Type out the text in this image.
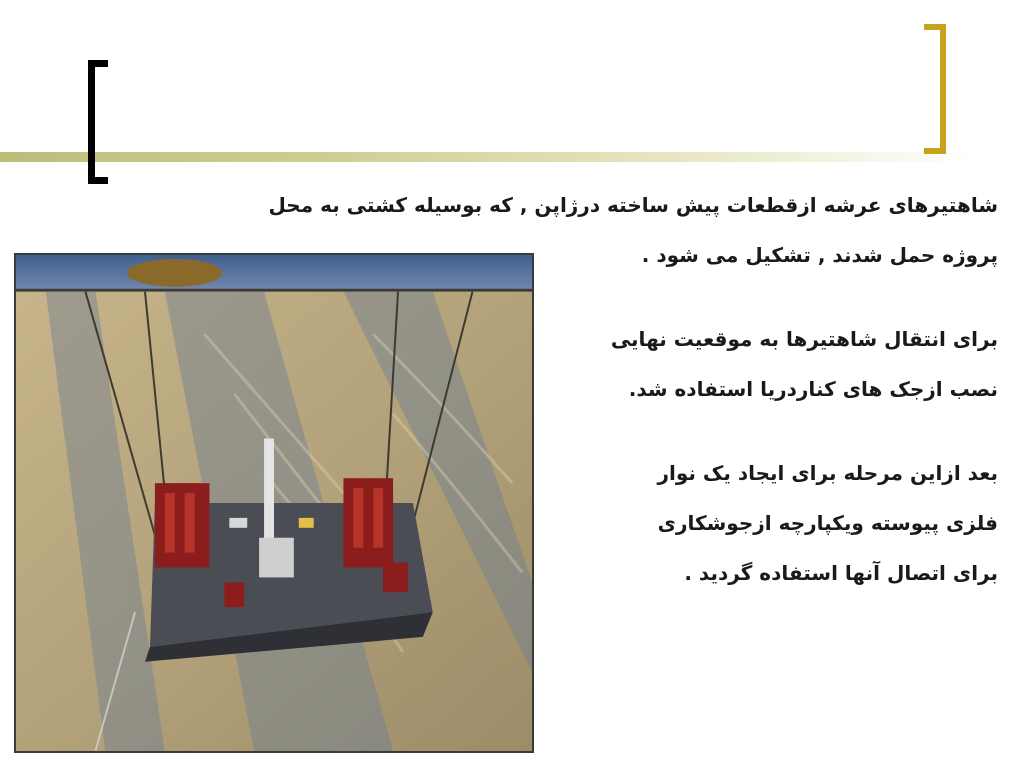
شاهتیرهای عرشه ازقطعات پیش ساخته درژاپن , که بوسیله کشتی به محل
پروژه حمل شدند , تشکیل می شود .
برای انتقال شاهتیرها به موقعیت نهایی
نصب ازجک های کناردریا استفاده شد.
بعد ازاین مرحله برای ایجاد یک نوار
فلزی پیوسته ویکپارچه ازجوشکاری
برای اتصال آنها استفاده گردید .
